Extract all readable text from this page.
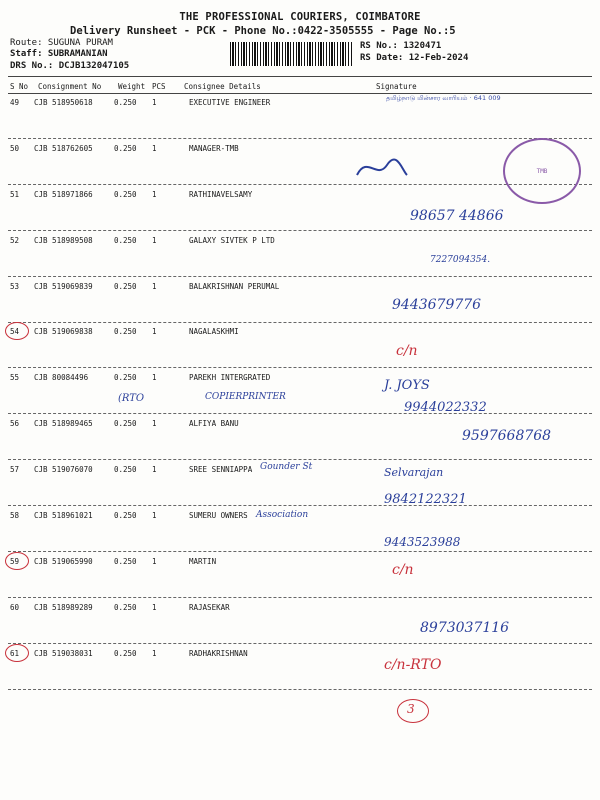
THE PROFESSIONAL COURIERS, COIMBATORE
Delivery Runsheet - PCK - Phone No.:0422-3505555 - Page No.:5
Route: SUGUNA PURAM
Staff: SUBRAMANIAN
DRS No.: DCJB132047105
RS No.: 1320471
RS Date: 12-Feb-2024
S No Consignment No Weight PCS Consignee Details	Signature
49 CJB 518950618	0.250 1	EXECUTIVE ENGINEER
50 CJB 518762605	0.250 1	MANAGER-TMB
51 CJB 518971866	0.250 1	RATHINAVELSAMY
52 CJB 518989508	0.250 1	GALAXY SIVTEK P LTD
53 CJB 519069839	0.250 1	BALAKRISHNAN PERUMAL
54 CJB 519069838	0.250 1	NAGALASKHMI
55 CJB 80084496	0.250 1	PAREKH INTERGRATED
56 CJB 518989465	0.250 1	ALFIYA BANU
57 CJB 519076070	0.250 1	SREE SENNIAPPA
58 CJB 518961021	0.250 1	SUMERU OWNERS
59 CJB 519065990	0.250 1	MARTIN
60 CJB 518989289	0.250 1	RAJASEKAR
61 CJB 519038031	0.250 1	RADHAKRISHNAN
தமிழ்நாடு மின்சார வாரியம் · 641 009
TMB
98657 44866
7227094354.
9443679776
c/n
(RTO	COPIERPRINTER
J. JOYS
9944022332
9597668768
Gounder St	Selvarajan
9842122321
Association
9443523988
c/n
8973037116
c/n-RTO
3
